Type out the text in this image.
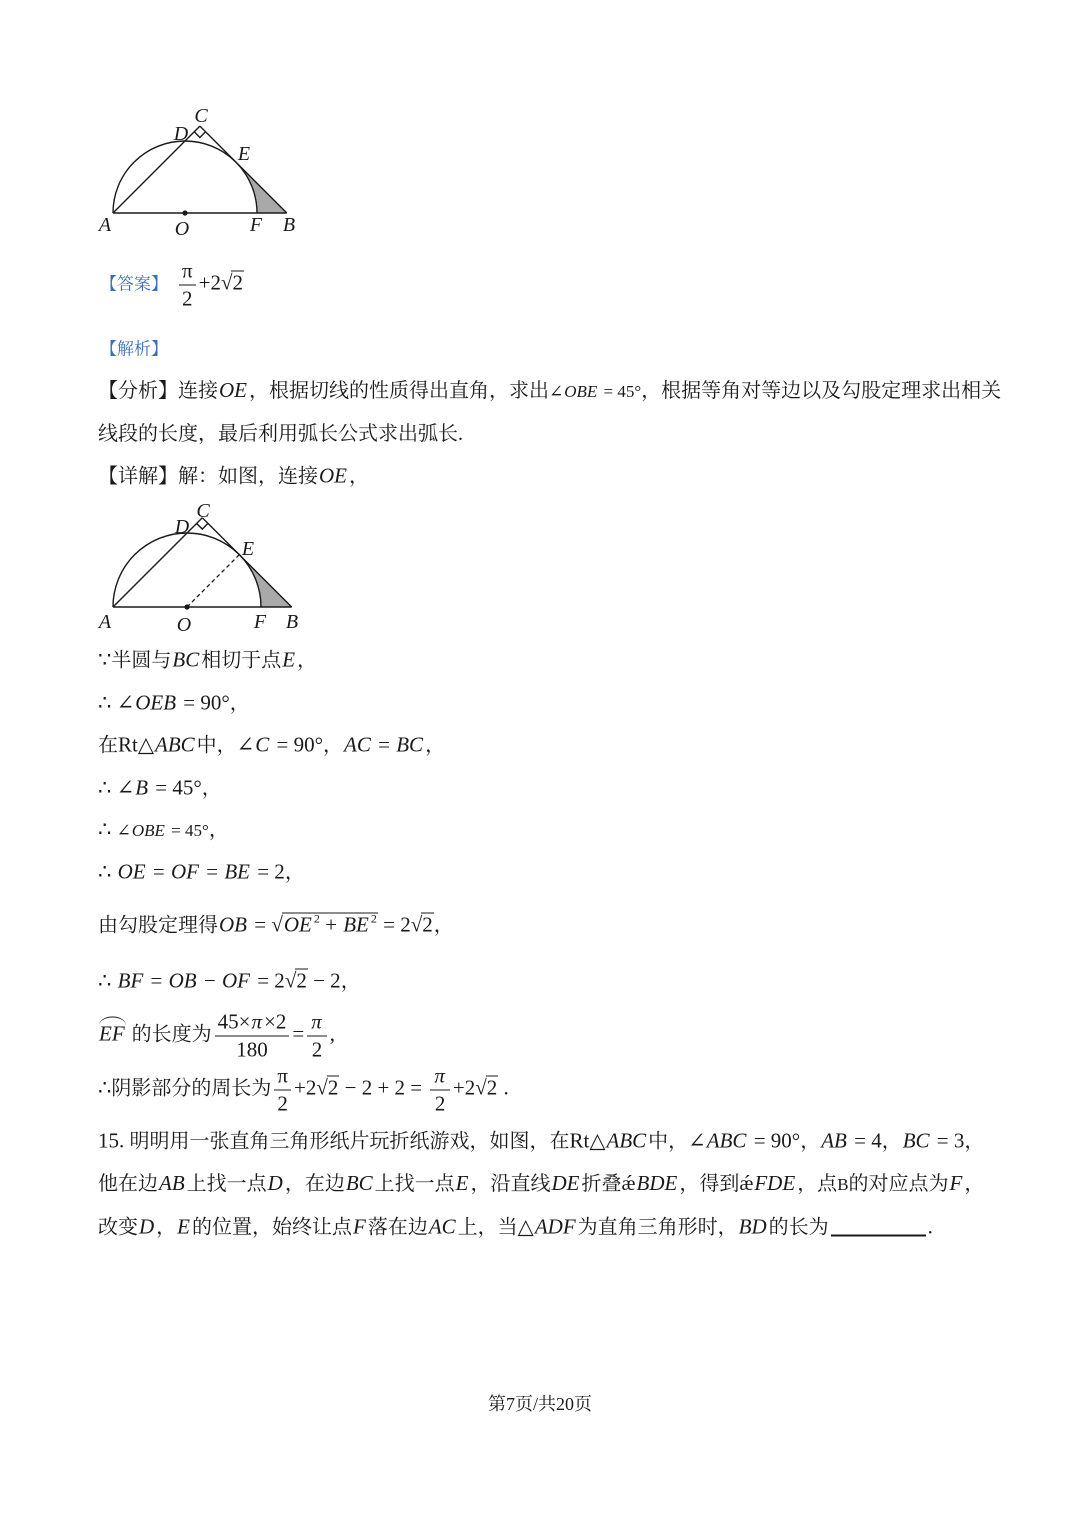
A	O	F B
C
D
E
【答案】 $\frac{\pi}{2} +2√2$
【解析】
【分析】连接OE ，根据切线的性质得出直角，求出∠OBE = 45°，根据等角对等边以及勾股定理求出相关
线段的长度，最后利用弧长公式求出弧长.
【详解】解：如图，连接OE ，
A	O	F B
C
D
E
∵半圆与BC 相切于点E ，
∴ ∠OEB = 90°，
在Rt△ABC 中，∠C = 90°，AC = BC ，
∴ ∠B = 45°，
∴ ∠OBE = 45°，
∴ OE = OF = BE = 2，
由勾股定理得OB = √OE $^2$ + BE $^2$ = 2√2，
∴ BF = OB − OF = 2√2 − 2，
EF 的长度为 $\frac{45\times\pi\times 2}{180} = \frac{\pi}{2}$ ,
∴阴影部分的周长为 $\frac{\pi}{2} +2√2 - 2 + 2 = \frac{\pi}{2} +2√2$ .
15. 明明用一张直角三角形纸片玩折纸游戏，如图，在Rt△ABC 中，∠ABC = 90°，AB = 4，BC = 3，
他在边AB 上找一点D ，在边BC 上找一点E ，沿直线DE 折叠ǽBDE ，得到ǽFDE ，点B的对应点为F ，
改变D ，E 的位置，始终让点F 落在边AC 上，当△ADF 为直角三角形时，BD 的长为	.
第7页/共20页
